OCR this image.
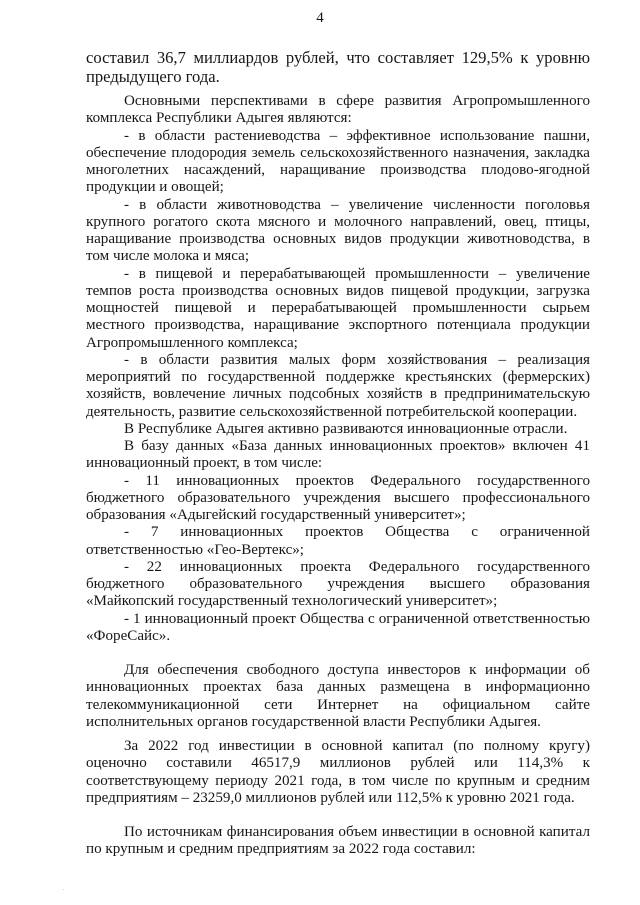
4

составил 36,7 миллиардов рублей, что составляет 129,5% к уровню предыдущего года.

Основными перспективами в сфере развития Агропромышленного комплекса Республики Адыгея являются:

- в области растениеводства – эффективное использование пашни, обеспечение плодородия земель сельскохозяйственного назначения, закладка многолетних насаждений, наращивание производства плодово-ягодной продукции и овощей;

- в области животноводства – увеличение численности поголовья крупного рогатого скота мясного и молочного направлений, овец, птицы, наращивание производства основных видов продукции животноводства, в том числе молока и мяса;

- в пищевой и перерабатывающей промышленности – увеличение темпов роста производства основных видов пищевой продукции, загрузка мощностей пищевой и перерабатывающей промышленности сырьем местного производства, наращивание экспортного потенциала продукции Агропромышленного комплекса;

- в области развития малых форм хозяйствования – реализация мероприятий по государственной поддержке крестьянских (фермерских) хозяйств, вовлечение личных подсобных хозяйств в предпринимательскую деятельность, развитие сельскохозяйственной потребительской кооперации.

В Республике Адыгея активно развиваются инновационные отрасли.

В базу данных «База данных инновационных проектов» включен 41 инновационный проект, в том числе:

- 11 инновационных проектов Федерального государственного бюджетного образовательного учреждения высшего профессионального образования «Адыгейский государственный университет»;

- 7 инновационных проектов Общества с ограниченной ответственностью «Гео-Вертекс»;

- 22 инновационных проекта Федерального государственного бюджетного образовательного учреждения высшего образования «Майкопский государственный технологический университет»;

- 1 инновационный проект Общества с ограниченной ответственностью «ФореСайс».

Для обеспечения свободного доступа инвесторов к информации об инновационных проектах база данных размещена в информационно телекоммуникационной сети Интернет на официальном сайте исполнительных органов государственной власти Республики Адыгея.

За 2022 год инвестиции в основной капитал (по полному кругу) оценочно составили 46517,9 миллионов рублей или 114,3% к соответствующему периоду 2021 года, в том числе по крупным и средним предприятиям – 23259,0 миллионов рублей или 112,5% к уровню 2021 года.

По источникам финансирования объем инвестиции в основной капитал по крупным и средним предприятиям за 2022 года составил:

.
